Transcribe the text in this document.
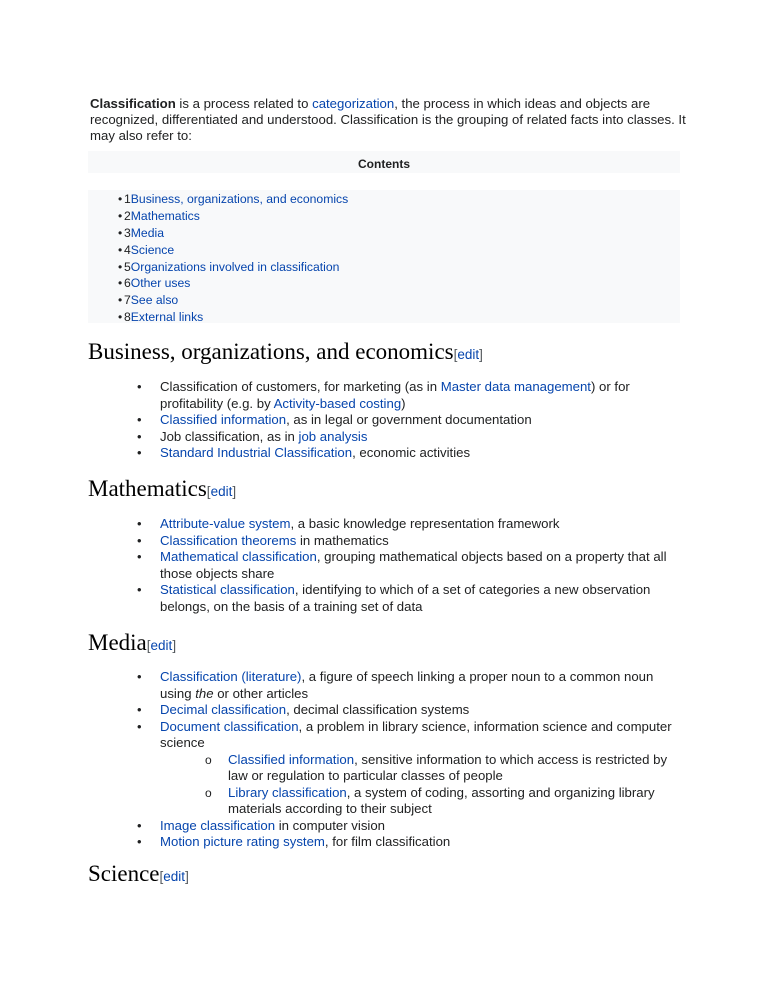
Classification is a process related to categorization, the process in which ideas and objects are recognized, differentiated and understood. Classification is the grouping of related facts into classes. It may also refer to:

Contents
• 1Business, organizations, and economics
• 2Mathematics
• 3Media
• 4Science
• 5Organizations involved in classification
• 6Other uses
• 7See also
• 8External links
Business, organizations, and economics[edit]
• Classification of customers, for marketing (as in Master data management) or for profitability (e.g. by Activity-based costing)
• Classified information, as in legal or government documentation
• Job classification, as in job analysis
• Standard Industrial Classification, economic activities
Mathematics[edit]
• Attribute-value system, a basic knowledge representation framework
• Classification theorems in mathematics
• Mathematical classification, grouping mathematical objects based on a property that all those objects share
• Statistical classification, identifying to which of a set of categories a new observation belongs, on the basis of a training set of data
Media[edit]
• Classification (literature), a figure of speech linking a proper noun to a common noun using the or other articles
• Decimal classification, decimal classification systems
• Document classification, a problem in library science, information science and computer science
o Classified information, sensitive information to which access is restricted by law or regulation to particular classes of people
o Library classification, a system of coding, assorting and organizing library materials according to their subject
• Image classification in computer vision
• Motion picture rating system, for film classification
Science[edit]
